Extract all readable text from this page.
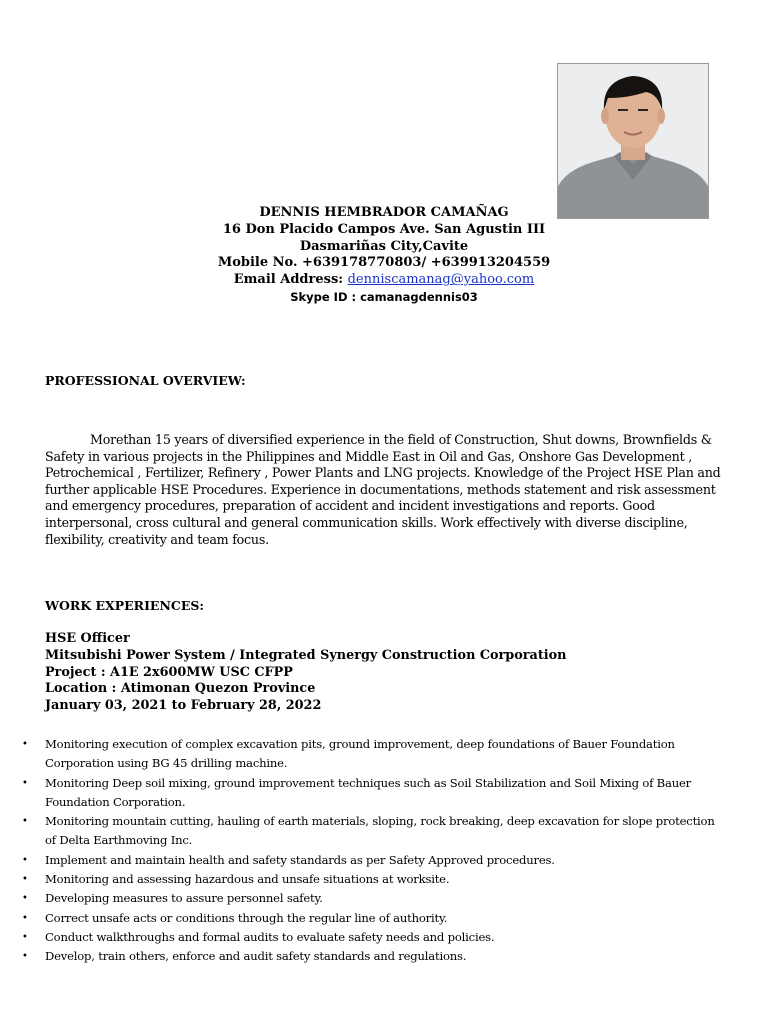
DENNIS HEMBRADOR CAMAÑAG
16 Don Placido Campos Ave. San Agustin III
Dasmariñas City,Cavite
Mobile No. +639178770803/ +639913204559
Email Address: denniscamanag@yahoo.com
Skype ID : camanagdennis03
PROFESSIONAL OVERVIEW:

Morethan 15 years of diversified experience in the field of Construction, Shut downs, Brownfields & Safety in various projects in the Philippines and Middle East in Oil and Gas, Onshore Gas Development , Petrochemical , Fertilizer, Refinery , Power Plants and LNG projects. Knowledge of the Project HSE Plan and further applicable HSE Procedures. Experience in documentations, methods statement and risk assessment and emergency procedures, preparation of accident and incident investigations and reports. Good interpersonal, cross cultural and general communication skills. Work effectively with diverse discipline, flexibility, creativity and team focus.

WORK EXPERIENCES:
HSE Officer
Mitsubishi Power System / Integrated Synergy Construction Corporation
Project : A1E 2x600MW USC CFPP
Location : Atimonan Quezon Province
January 03, 2021 to February 28, 2022
• Monitoring execution of complex excavation pits, ground improvement, deep foundations of Bauer Foundation Corporation using BG 45 drilling machine.
• Monitoring Deep soil mixing, ground improvement techniques such as Soil Stabilization and Soil Mixing of Bauer Foundation Corporation.
• Monitoring mountain cutting, hauling of earth materials, sloping, rock breaking, deep excavation for slope protection of Delta Earthmoving Inc.
• Implement and maintain health and safety standards as per Safety Approved procedures.
• Monitoring and assessing hazardous and unsafe situations at worksite.
• Developing measures to assure personnel safety.
• Correct unsafe acts or conditions through the regular line of authority.
• Conduct walkthroughs and formal audits to evaluate safety needs and policies.
• Develop, train others, enforce and audit safety standards and regulations.
